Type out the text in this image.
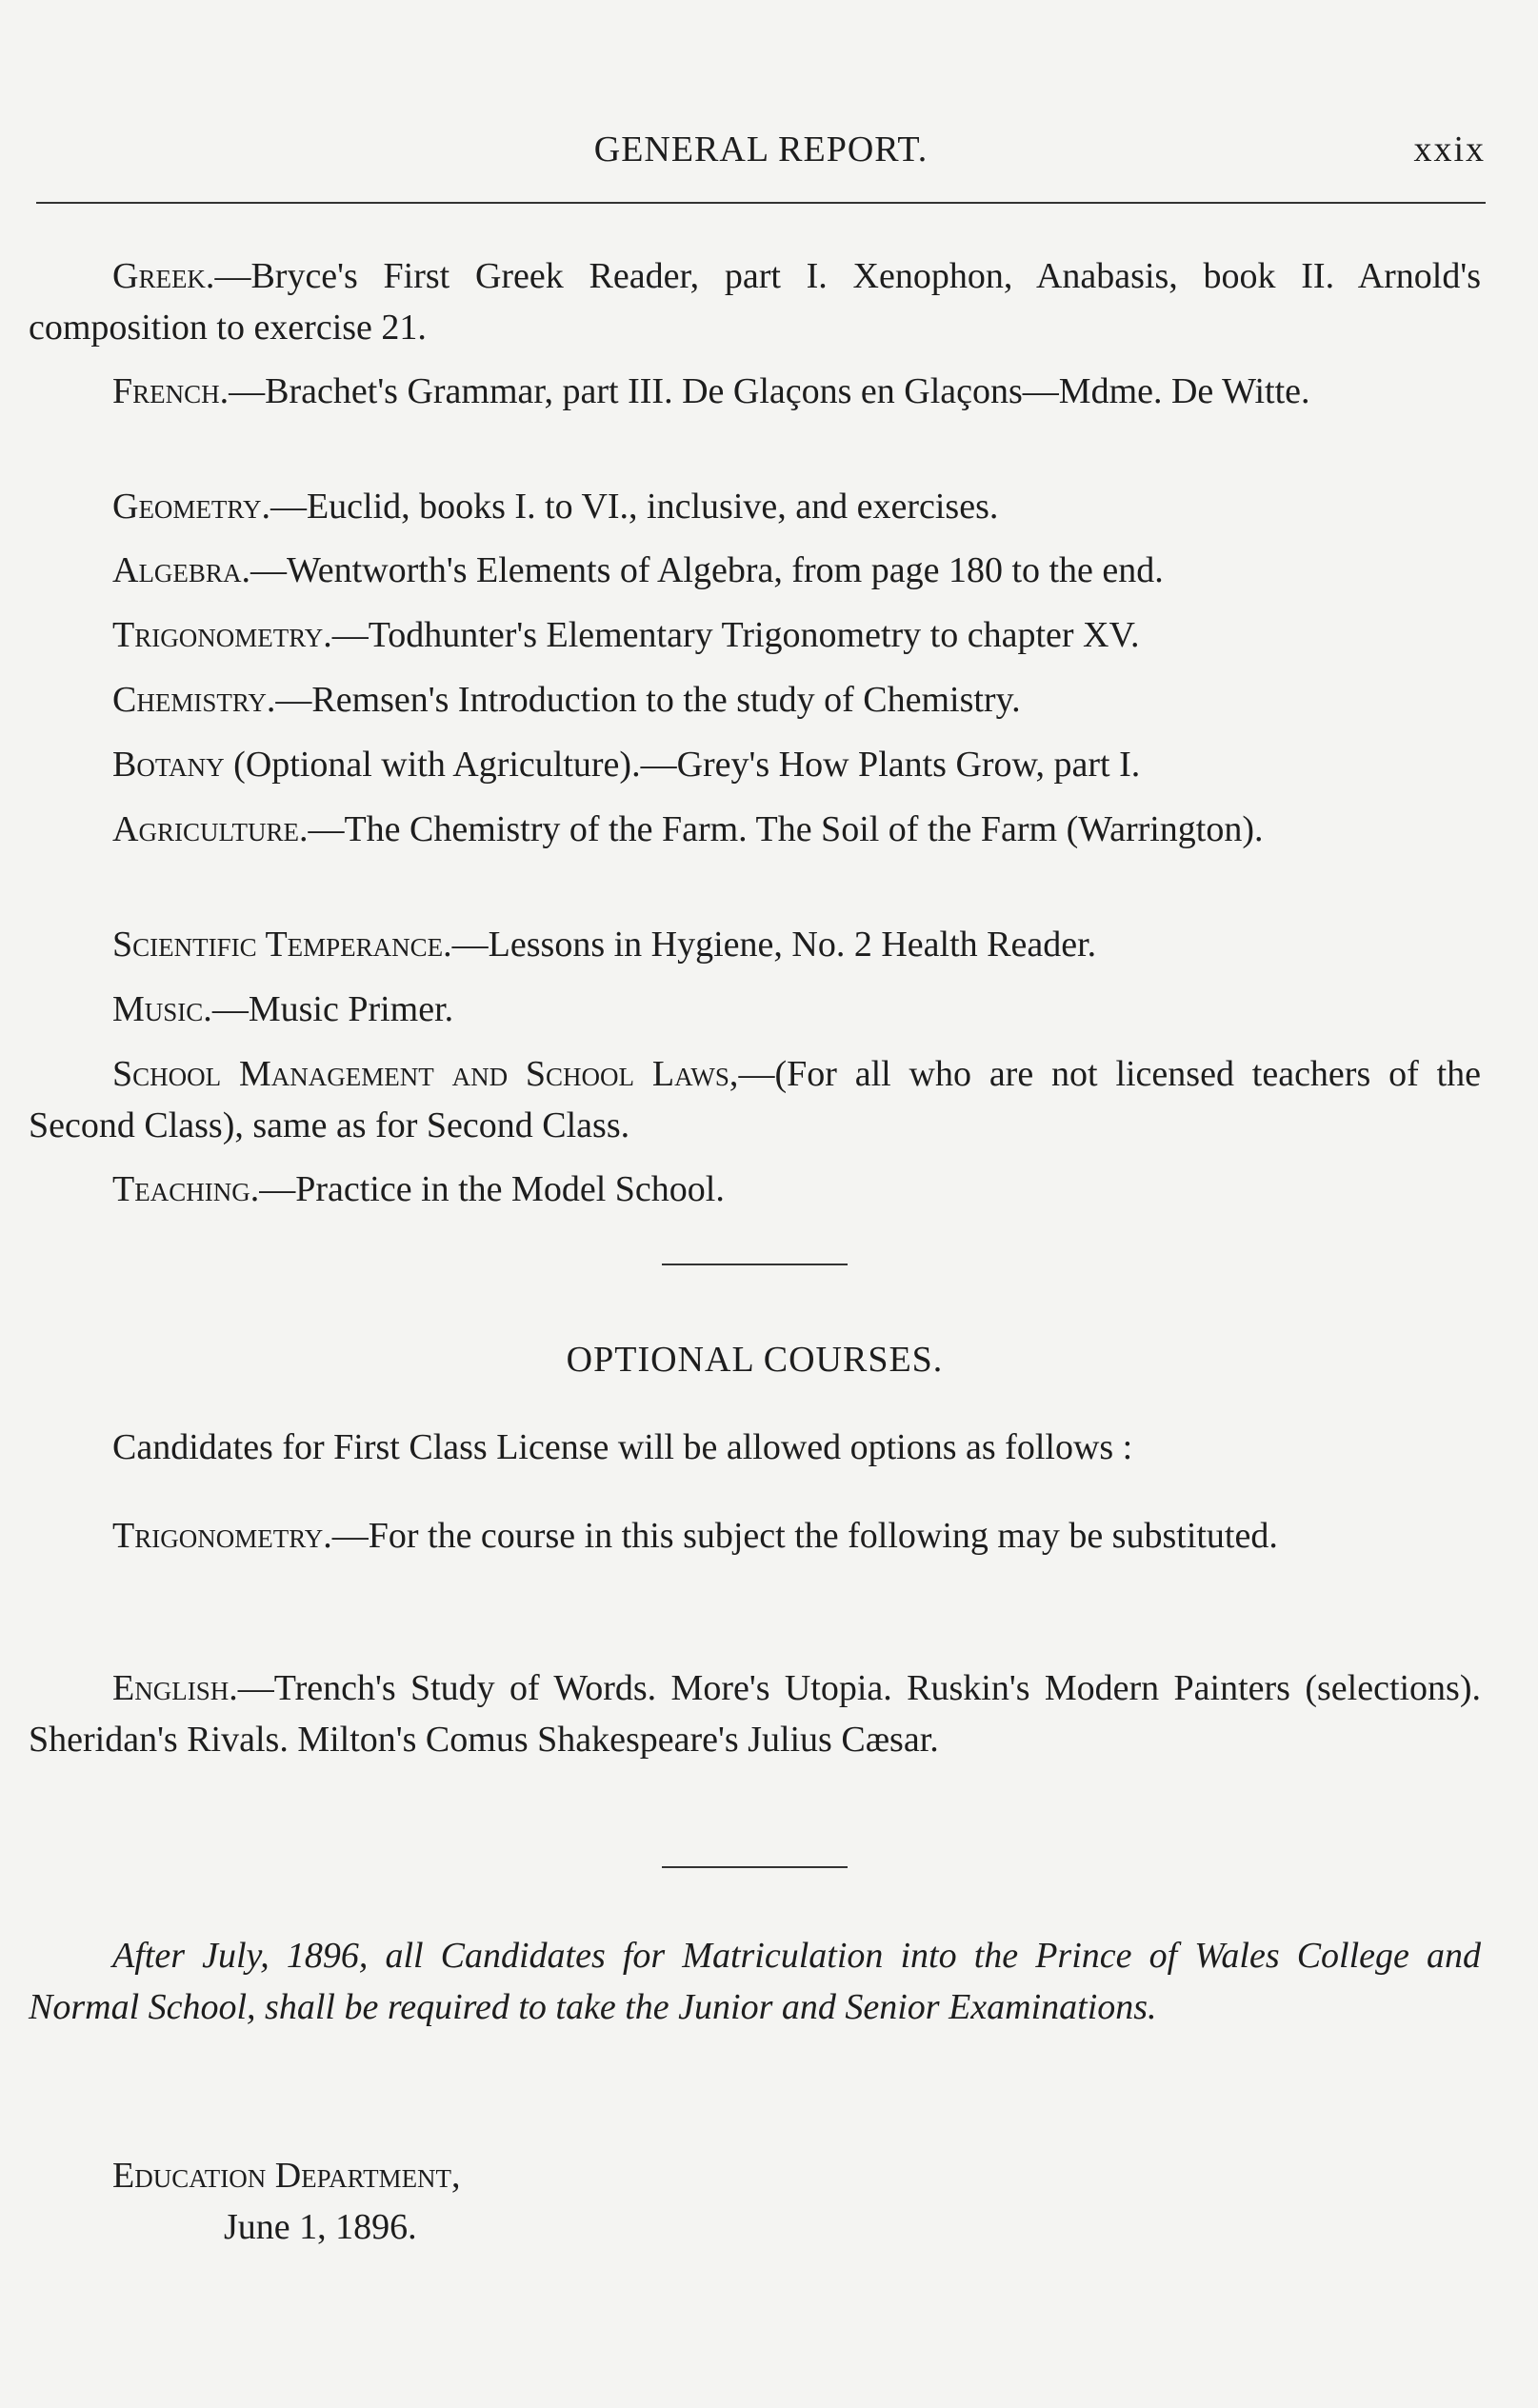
GENERAL REPORT.	xxix
Greek.—Bryce's First Greek Reader, part I. Xenophon, Anabasis, book II. Arnold's composition to exercise 21.
French.—Brachet's Grammar, part III. De Glaçons en Glaçons—Mdme. De Witte.
Geometry.—Euclid, books I. to VI., inclusive, and exercises.
Algebra.—Wentworth's Elements of Algebra, from page 180 to the end.
Trigonometry.—Todhunter's Elementary Trigonometry to chapter XV.
Chemistry.—Remsen's Introduction to the study of Chemistry.
Botany (Optional with Agriculture).—Grey's How Plants Grow, part I.
Agriculture.—The Chemistry of the Farm. The Soil of the Farm (Warrington).
Scientific Temperance.—Lessons in Hygiene, No. 2 Health Reader.
Music.—Music Primer.
School Management and School Laws,—(For all who are not licensed teachers of the Second Class), same as for Second Class.
Teaching.—Practice in the Model School.
OPTIONAL COURSES.
Candidates for First Class License will be allowed options as follows :
Trigonometry.—For the course in this subject the following may be substituted.
English.—Trench's Study of Words. More's Utopia. Ruskin's Modern Painters (selections). Sheridan's Rivals. Milton's Comus Shakespeare's Julius Cæsar.
After July, 1896, all Candidates for Matriculation into the Prince of Wales College and Normal School, shall be required to take the Junior and Senior Examinations.
Education Department,
June 1, 1896.
